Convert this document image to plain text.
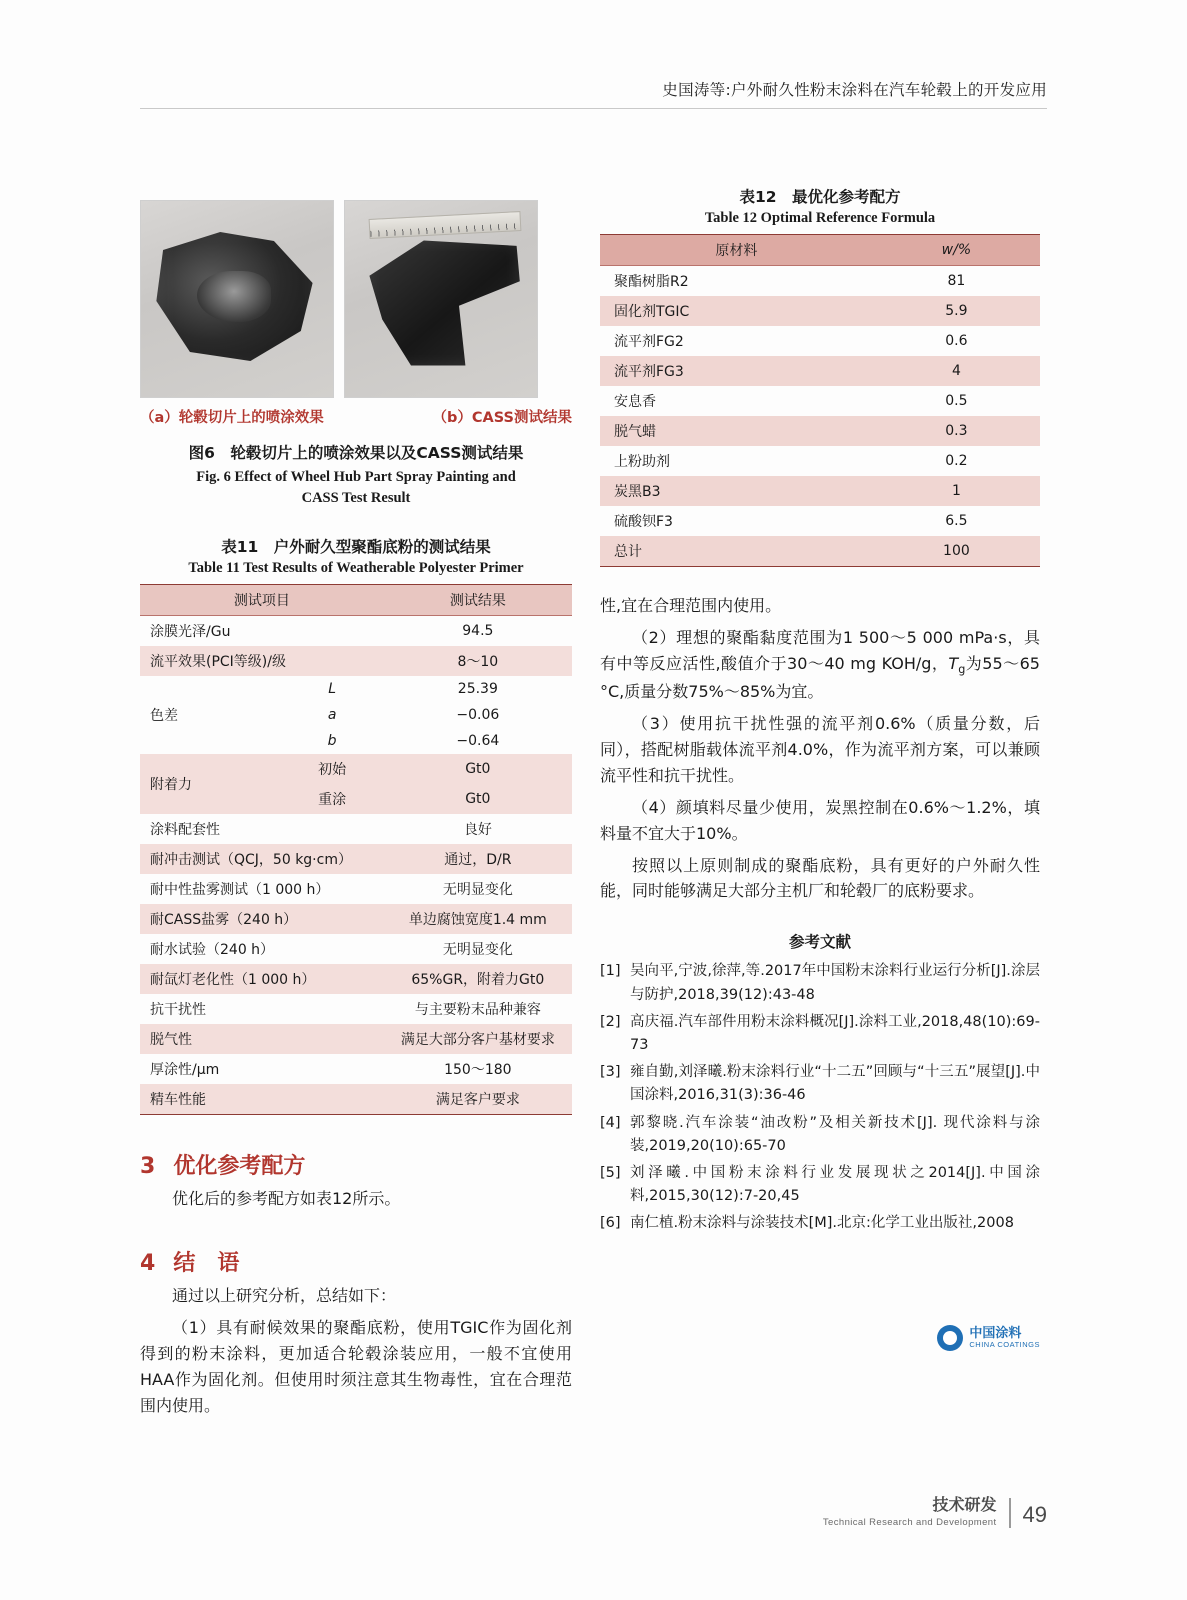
史国涛等:户外耐久性粉末涂料在汽车轮毂上的开发应用
（a）轮毂切片上的喷涂效果	（b）CASS测试结果
图6　轮毂切片上的喷涂效果以及CASS测试结果
Fig. 6 Effect of Wheel Hub Part Spray Painting and
CASS Test Result
表11　户外耐久型聚酯底粉的测试结果
Table 11 Test Results of Weatherable Polyester Primer
测试项目		测试结果
涂膜光泽/Gu		94.5
流平效果(PCI等级)/级		8～10
色差	L	25.39
	a	−0.06
	b	−0.64
附着力	初始	Gt0
	重涂	Gt0
涂料配套性		良好
耐冲击测试（QCJ，50 kg·cm）		通过，D/R
耐中性盐雾测试（1 000 h）		无明显变化
耐CASS盐雾（240 h）		单边腐蚀宽度1.4 mm
耐水试验（240 h）		无明显变化
耐氙灯老化性（1 000 h）		65%GR，附着力Gt0
抗干扰性		与主要粉末品种兼容
脱气性		满足大部分客户基材要求
厚涂性/μm		150～180
精车性能		满足客户要求
3 优化参考配方

优化后的参考配方如表12所示。

4 结　语

通过以上研究分析，总结如下：

（1）具有耐候效果的聚酯底粉，使用TGIC作为固化剂得到的粉末涂料，更加适合轮毂涂装应用，一般不宜使用HAA作为固化剂。但使用时须注意其生物毒性，宜在合理范围内使用。

表12　最优化参考配方
Table 12 Optimal Reference Formula
原材料	w/%
聚酯树脂R2	81
固化剂TGIC	5.9
流平剂FG2	0.6
流平剂FG3	4
安息香	0.5
脱气蜡	0.3
上粉助剂	0.2
炭黑B3	1
硫酸钡F3	6.5
总计	100

性,宜在合理范围内使用。

（2）理想的聚酯黏度范围为1 500～5 000 mPa·s，具有中等反应活性,酸值介于30～40 mg KOH/g，$T_g$为55～65 °C,质量分数75%～85%为宜。

（3）使用抗干扰性强的流平剂0.6%（质量分数，后同），搭配树脂载体流平剂4.0%，作为流平剂方案，可以兼顾流平性和抗干扰性。

（4）颜填料尽量少使用，炭黑控制在0.6%～1.2%，填料量不宜大于10%。

按照以上原则制成的聚酯底粉，具有更好的户外耐久性能，同时能够满足大部分主机厂和轮毂厂的底粉要求。

参考文献
[1] 吴向平,宁波,徐萍,等.2017年中国粉末涂料行业运行分析[J].涂层与防护,2018,39(12):43-48
[2] 高庆福.汽车部件用粉末涂料概况[J].涂料工业,2018,48(10):69-73
[3] 雍自勤,刘泽曦.粉末涂料行业“十二五”回顾与“十三五”展望[J].中国涂料,2016,31(3):36-46
[4] 郭黎晓.汽车涂装“油改粉”及相关新技术[J]. 现代涂料与涂装,2019,20(10):65-70
[5] 刘泽曦.中国粉末涂料行业发展现状之2014[J].中国涂料,2015,30(12):7-20,45
[6] 南仁植.粉末涂料与涂装技术[M].北京:化学工业出版社,2008
中国涂料
CHINA COATINGS
技术研发
Technical Research and Development 49
